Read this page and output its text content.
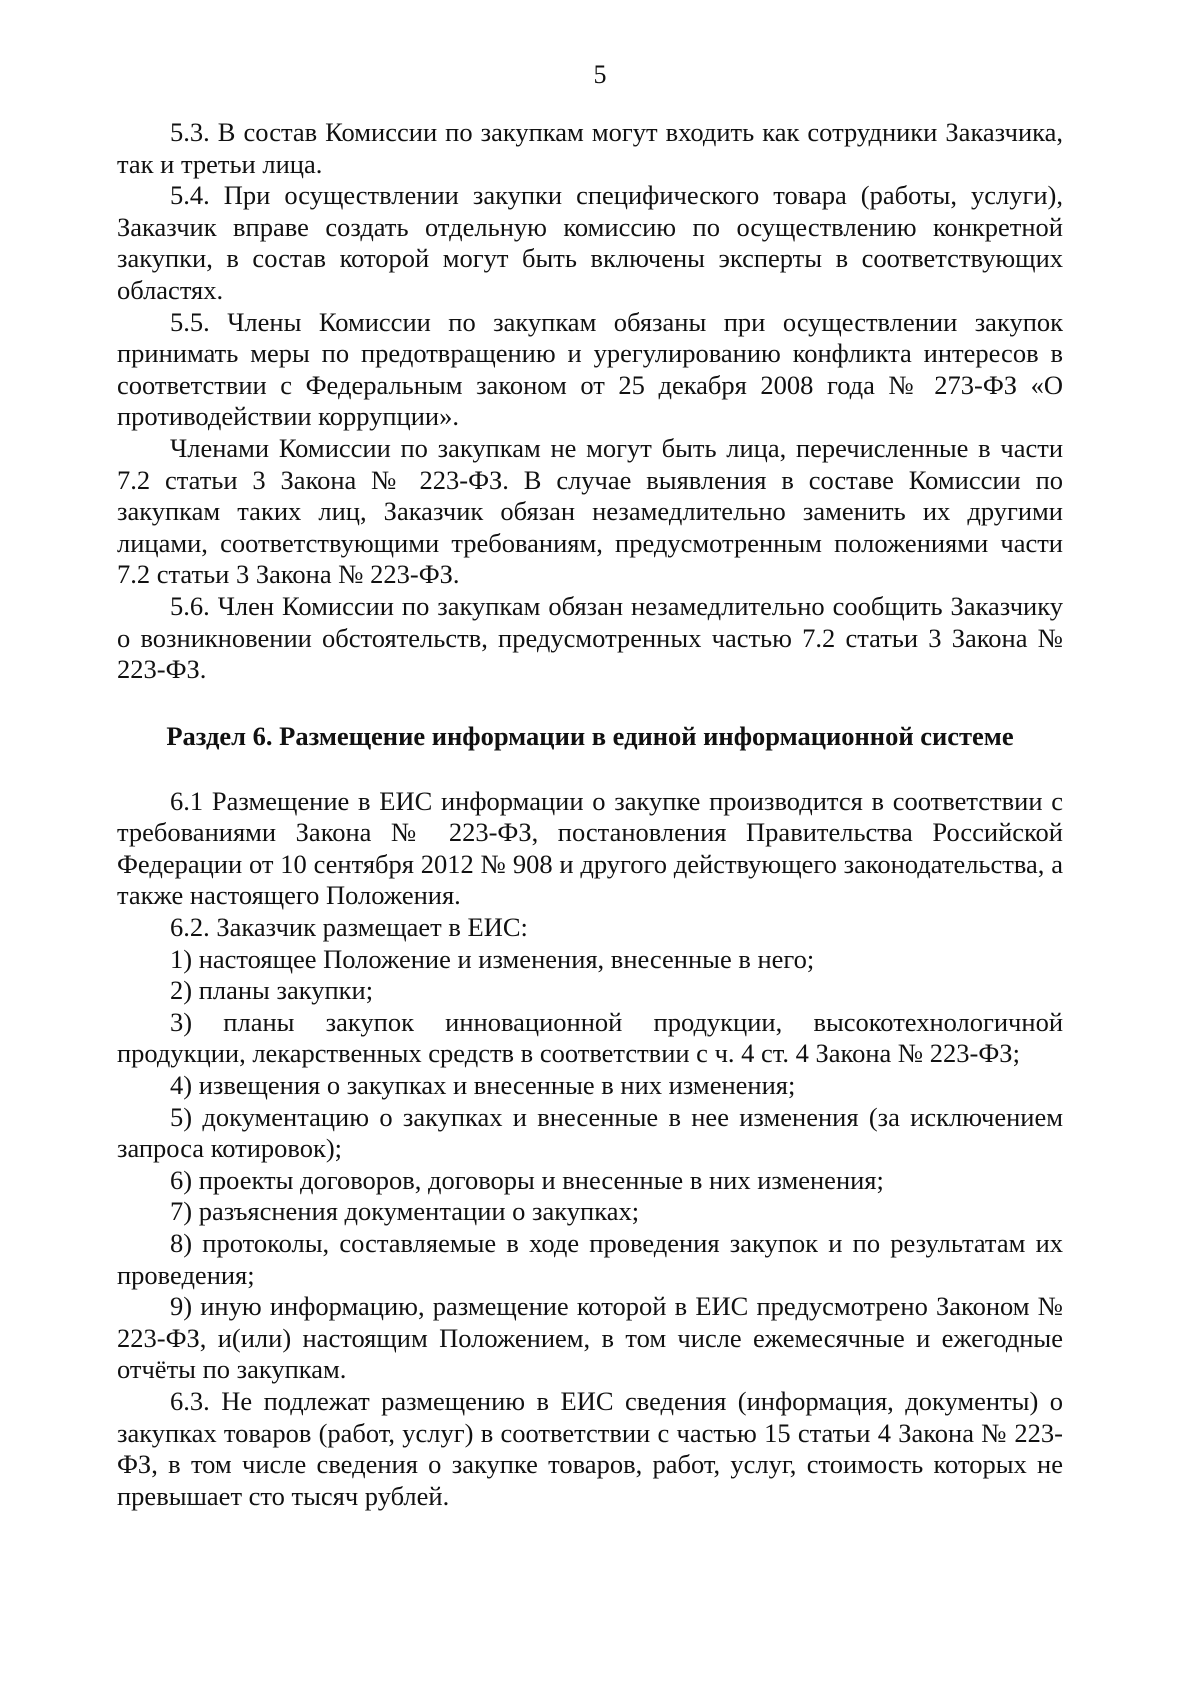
5

5.3. В состав Комиссии по закупкам могут входить как сотрудники Заказчика, так и третьи лица.

5.4. При осуществлении закупки специфического товара (работы, услуги), Заказчик вправе создать отдельную комиссию по осуществлению конкретной закупки, в состав которой могут быть включены эксперты в соответствующих областях.

5.5. Члены Комиссии по закупкам обязаны при осуществлении закупок принимать меры по предотвращению и урегулированию конфликта интересов в соответствии с Федеральным законом от 25 декабря 2008 года № 273-ФЗ «О противодействии коррупции».

Членами Комиссии по закупкам не могут быть лица, перечисленные в части 7.2 статьи 3 Закона № 223-ФЗ. В случае выявления в составе Комиссии по закупкам таких лиц, Заказчик обязан незамедлительно заменить их другими лицами, соответствующими требованиям, предусмотренным положениями части 7.2 статьи 3 Закона № 223-ФЗ.

5.6. Член Комиссии по закупкам обязан незамедлительно сообщить Заказчику о возникновении обстоятельств, предусмотренных частью 7.2 статьи 3 Закона № 223-ФЗ.

Раздел 6. Размещение информации в единой информационной системе

6.1 Размещение в ЕИС информации о закупке производится в соответствии с требованиями Закона № 223-ФЗ, постановления Правительства Российской Федерации от 10 сентября 2012 № 908 и другого действующего законодательства, а также настоящего Положения.

6.2. Заказчик размещает в ЕИС:

1) настоящее Положение и изменения, внесенные в него;

2) планы закупки;

3) планы закупок инновационной продукции, высокотехнологичной продукции, лекарственных средств в соответствии с ч. 4 ст. 4 Закона № 223-ФЗ;

4) извещения о закупках и внесенные в них изменения;

5) документацию о закупках и внесенные в нее изменения (за исключением запроса котировок);

6) проекты договоров, договоры и внесенные в них изменения;

7) разъяснения документации о закупках;

8) протоколы, составляемые в ходе проведения закупок и по результатам их проведения;

9) иную информацию, размещение которой в ЕИС предусмотрено Законом № 223-ФЗ, и(или) настоящим Положением, в том числе ежемесячные и ежегодные отчёты по закупкам.

6.3. Не подлежат размещению в ЕИС сведения (информация, документы) о закупках товаров (работ, услуг) в соответствии с частью 15 статьи 4 Закона № 223-ФЗ, в том числе сведения о закупке товаров, работ, услуг, стоимость которых не превышает сто тысяч рублей.
